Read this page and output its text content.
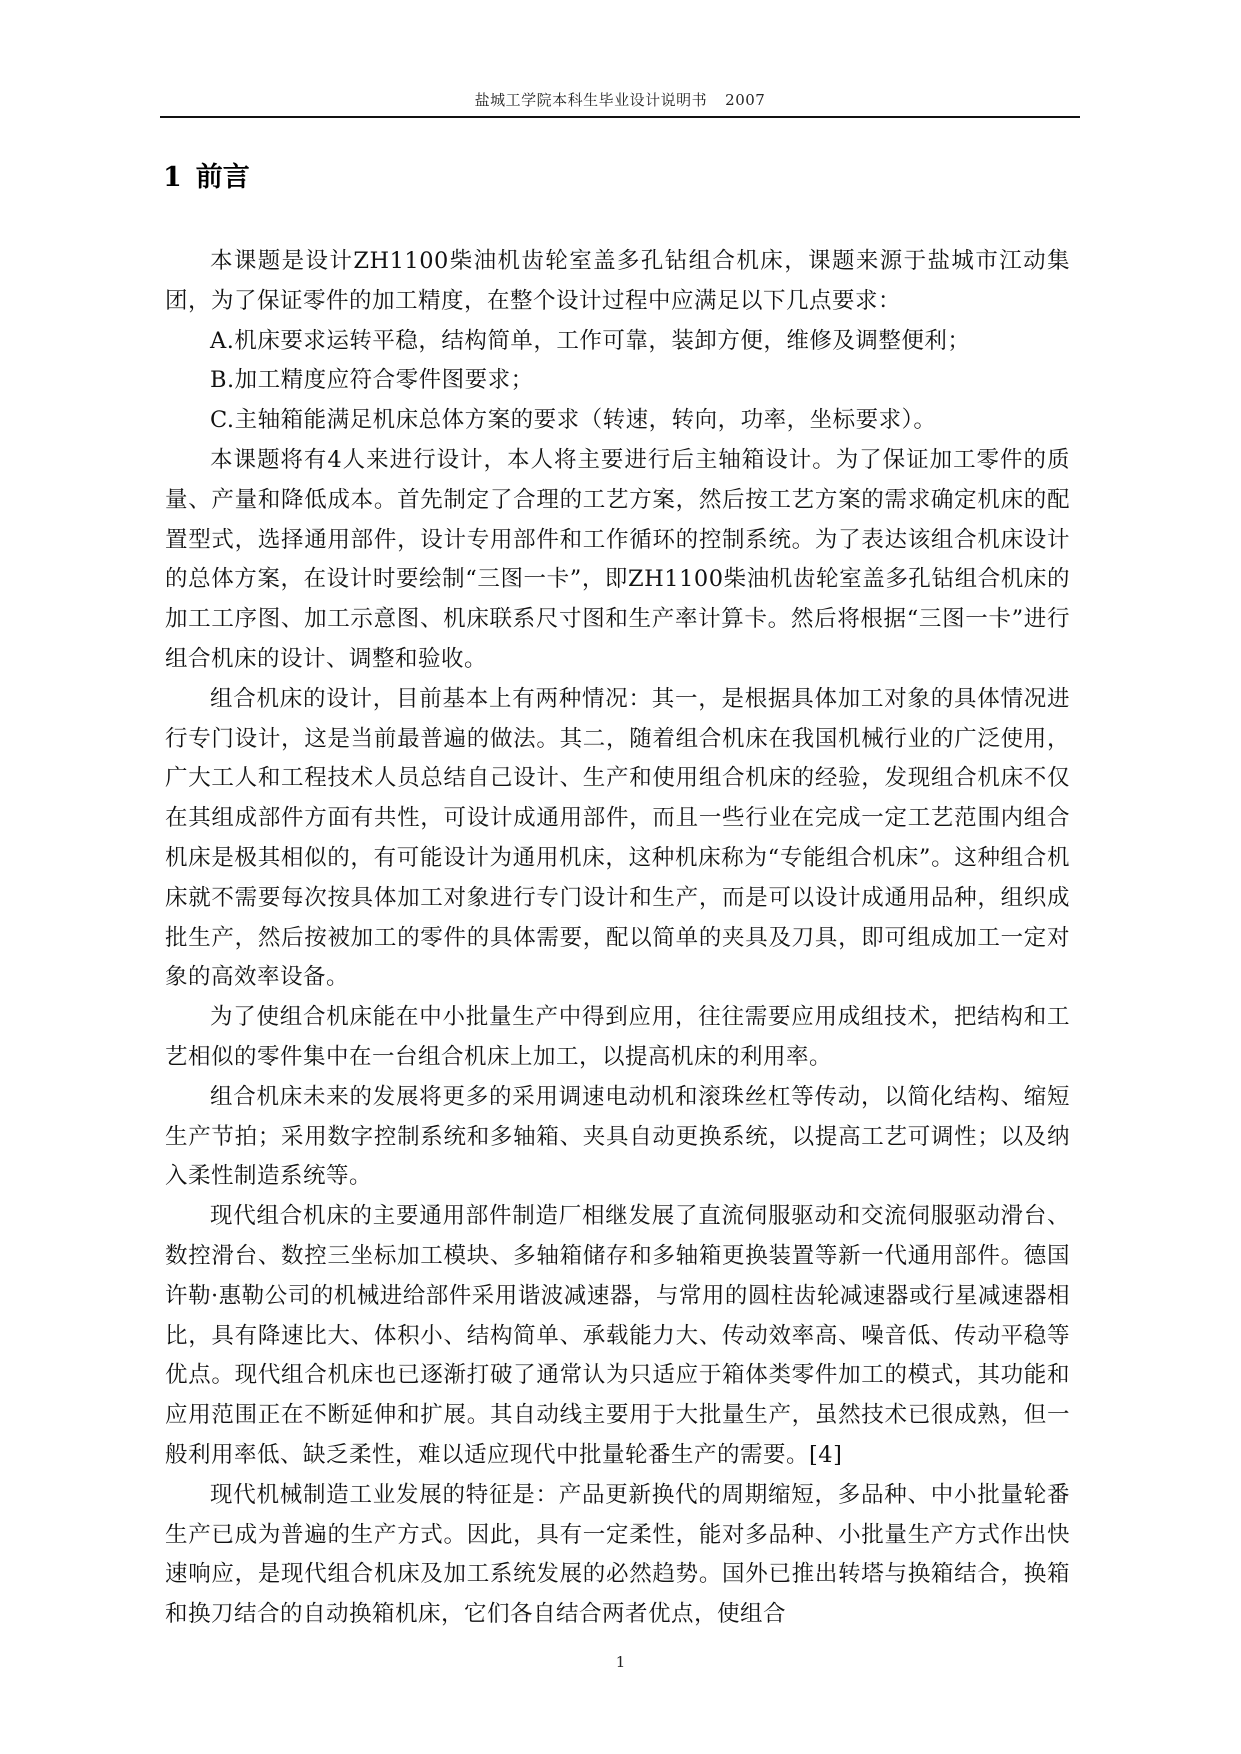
盐城工学院本科生毕业设计说明书 2007
1 前言

本课题是设计ZH1100柴油机齿轮室盖多孔钻组合机床，课题来源于盐城市江动集团，为了保证零件的加工精度，在整个设计过程中应满足以下几点要求：

A.机床要求运转平稳，结构简单，工作可靠，装卸方便，维修及调整便利；

B.加工精度应符合零件图要求；

C.主轴箱能满足机床总体方案的要求（转速，转向，功率，坐标要求）。

本课题将有4人来进行设计，本人将主要进行后主轴箱设计。为了保证加工零件的质量、产量和降低成本。首先制定了合理的工艺方案，然后按工艺方案的需求确定机床的配置型式，选择通用部件，设计专用部件和工作循环的控制系统。为了表达该组合机床设计的总体方案，在设计时要绘制“三图一卡”，即ZH1100柴油机齿轮室盖多孔钻组合机床的加工工序图、加工示意图、机床联系尺寸图和生产率计算卡。然后将根据“三图一卡”进行组合机床的设计、调整和验收。

组合机床的设计，目前基本上有两种情况：其一，是根据具体加工对象的具体情况进行专门设计，这是当前最普遍的做法。其二，随着组合机床在我国机械行业的广泛使用，广大工人和工程技术人员总结自己设计、生产和使用组合机床的经验，发现组合机床不仅在其组成部件方面有共性，可设计成通用部件，而且一些行业在完成一定工艺范围内组合机床是极其相似的，有可能设计为通用机床，这种机床称为“专能组合机床”。这种组合机床就不需要每次按具体加工对象进行专门设计和生产，而是可以设计成通用品种，组织成批生产，然后按被加工的零件的具体需要，配以简单的夹具及刀具，即可组成加工一定对象的高效率设备。

为了使组合机床能在中小批量生产中得到应用，往往需要应用成组技术，把结构和工艺相似的零件集中在一台组合机床上加工，以提高机床的利用率。

组合机床未来的发展将更多的采用调速电动机和滚珠丝杠等传动，以简化结构、缩短生产节拍；采用数字控制系统和多轴箱、夹具自动更换系统，以提高工艺可调性；以及纳入柔性制造系统等。

现代组合机床的主要通用部件制造厂相继发展了直流伺服驱动和交流伺服驱动滑台、数控滑台、数控三坐标加工模块、多轴箱储存和多轴箱更换装置等新一代通用部件。德国许勒·惠勒公司的机械进给部件采用谐波减速器，与常用的圆柱齿轮减速器或行星减速器相比，具有降速比大、体积小、结构简单、承载能力大、传动效率高、噪音低、传动平稳等优点。现代组合机床也已逐渐打破了通常认为只适应于箱体类零件加工的模式，其功能和应用范围正在不断延伸和扩展。其自动线主要用于大批量生产，虽然技术已很成熟，但一般利用率低、缺乏柔性，难以适应现代中批量轮番生产的需要。[4]

现代机械制造工业发展的特征是：产品更新换代的周期缩短，多品种、中小批量轮番生产已成为普遍的生产方式。因此，具有一定柔性，能对多品种、小批量生产方式作出快速响应，是现代组合机床及加工系统发展的必然趋势。国外已推出转塔与换箱结合，换箱和换刀结合的自动换箱机床，它们各自结合两者优点，使组合

1
